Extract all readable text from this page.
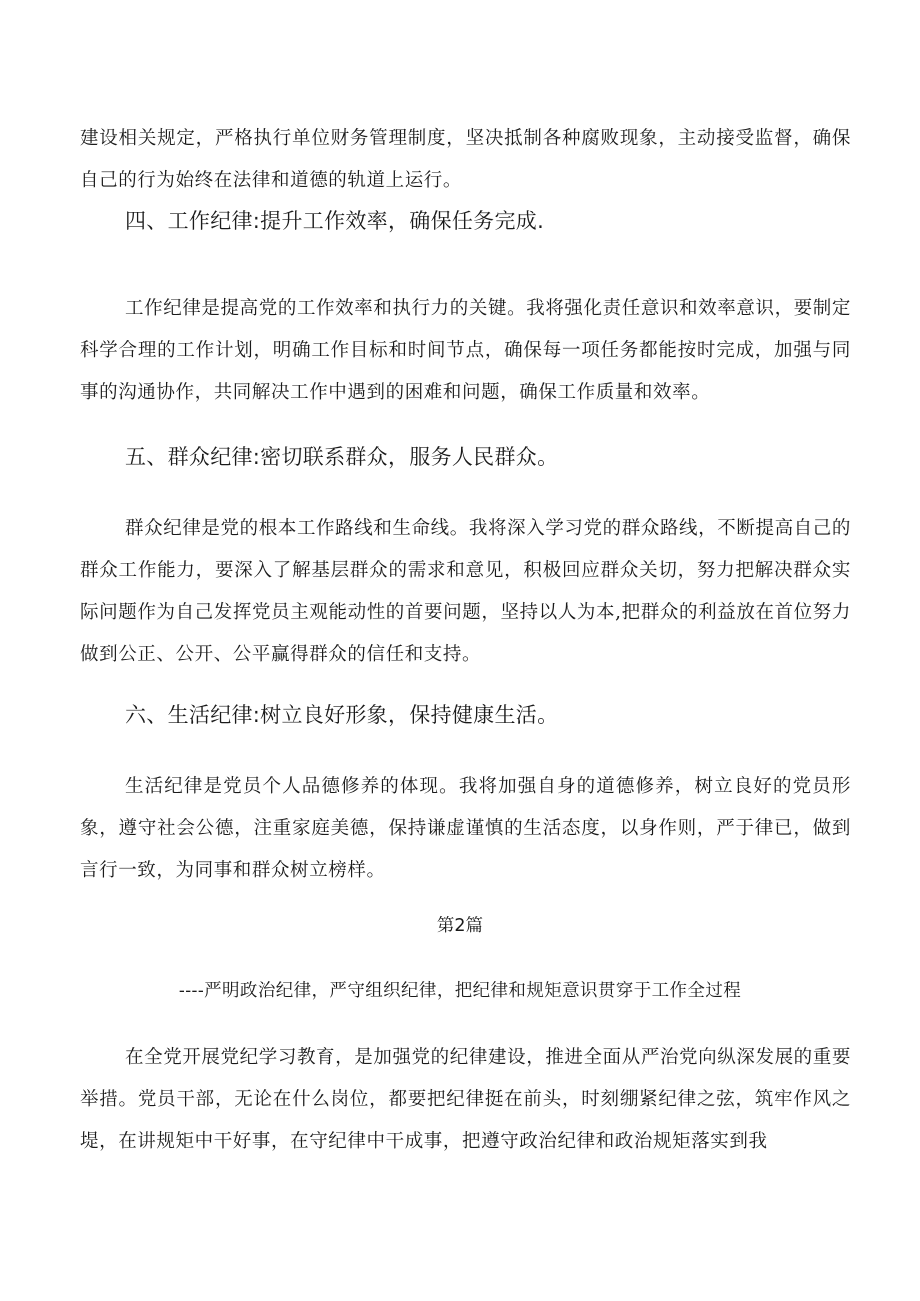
建设相关规定，严格执行单位财务管理制度，坚决抵制各种腐败现象，主动接受监督，确保自己的行为始终在法律和道德的轨道上运行。
四、工作纪律:提升工作效率，确保任务完成.
工作纪律是提高党的工作效率和执行力的关键。我将强化责任意识和效率意识，要制定科学合理的工作计划，明确工作目标和时间节点，确保每一项任务都能按时完成，加强与同事的沟通协作，共同解决工作中遇到的困难和问题，确保工作质量和效率。
五、群众纪律:密切联系群众，服务人民群众。
群众纪律是党的根本工作路线和生命线。我将深入学习党的群众路线，不断提高自己的群众工作能力，要深入了解基层群众的需求和意见，积极回应群众关切，努力把解决群众实际问题作为自己发挥党员主观能动性的首要问题，坚持以人为本,把群众的利益放在首位努力做到公正、公开、公平赢得群众的信任和支持。
六、生活纪律:树立良好形象，保持健康生活。
生活纪律是党员个人品德修养的体现。我将加强自身的道德修养，树立良好的党员形象，遵守社会公德，注重家庭美德，保持谦虚谨慎的生活态度，以身作则，严于律已，做到言行一致，为同事和群众树立榜样。
第2篇
----严明政治纪律，严守组织纪律，把纪律和规矩意识贯穿于工作全过程
在全党开展党纪学习教育，是加强党的纪律建设，推进全面从严治党向纵深发展的重要举措。党员干部，无论在什么岗位，都要把纪律挺在前头，时刻绷紧纪律之弦，筑牢作风之堤，在讲规矩中干好事，在守纪律中干成事，把遵守政治纪律和政治规矩落实到我
